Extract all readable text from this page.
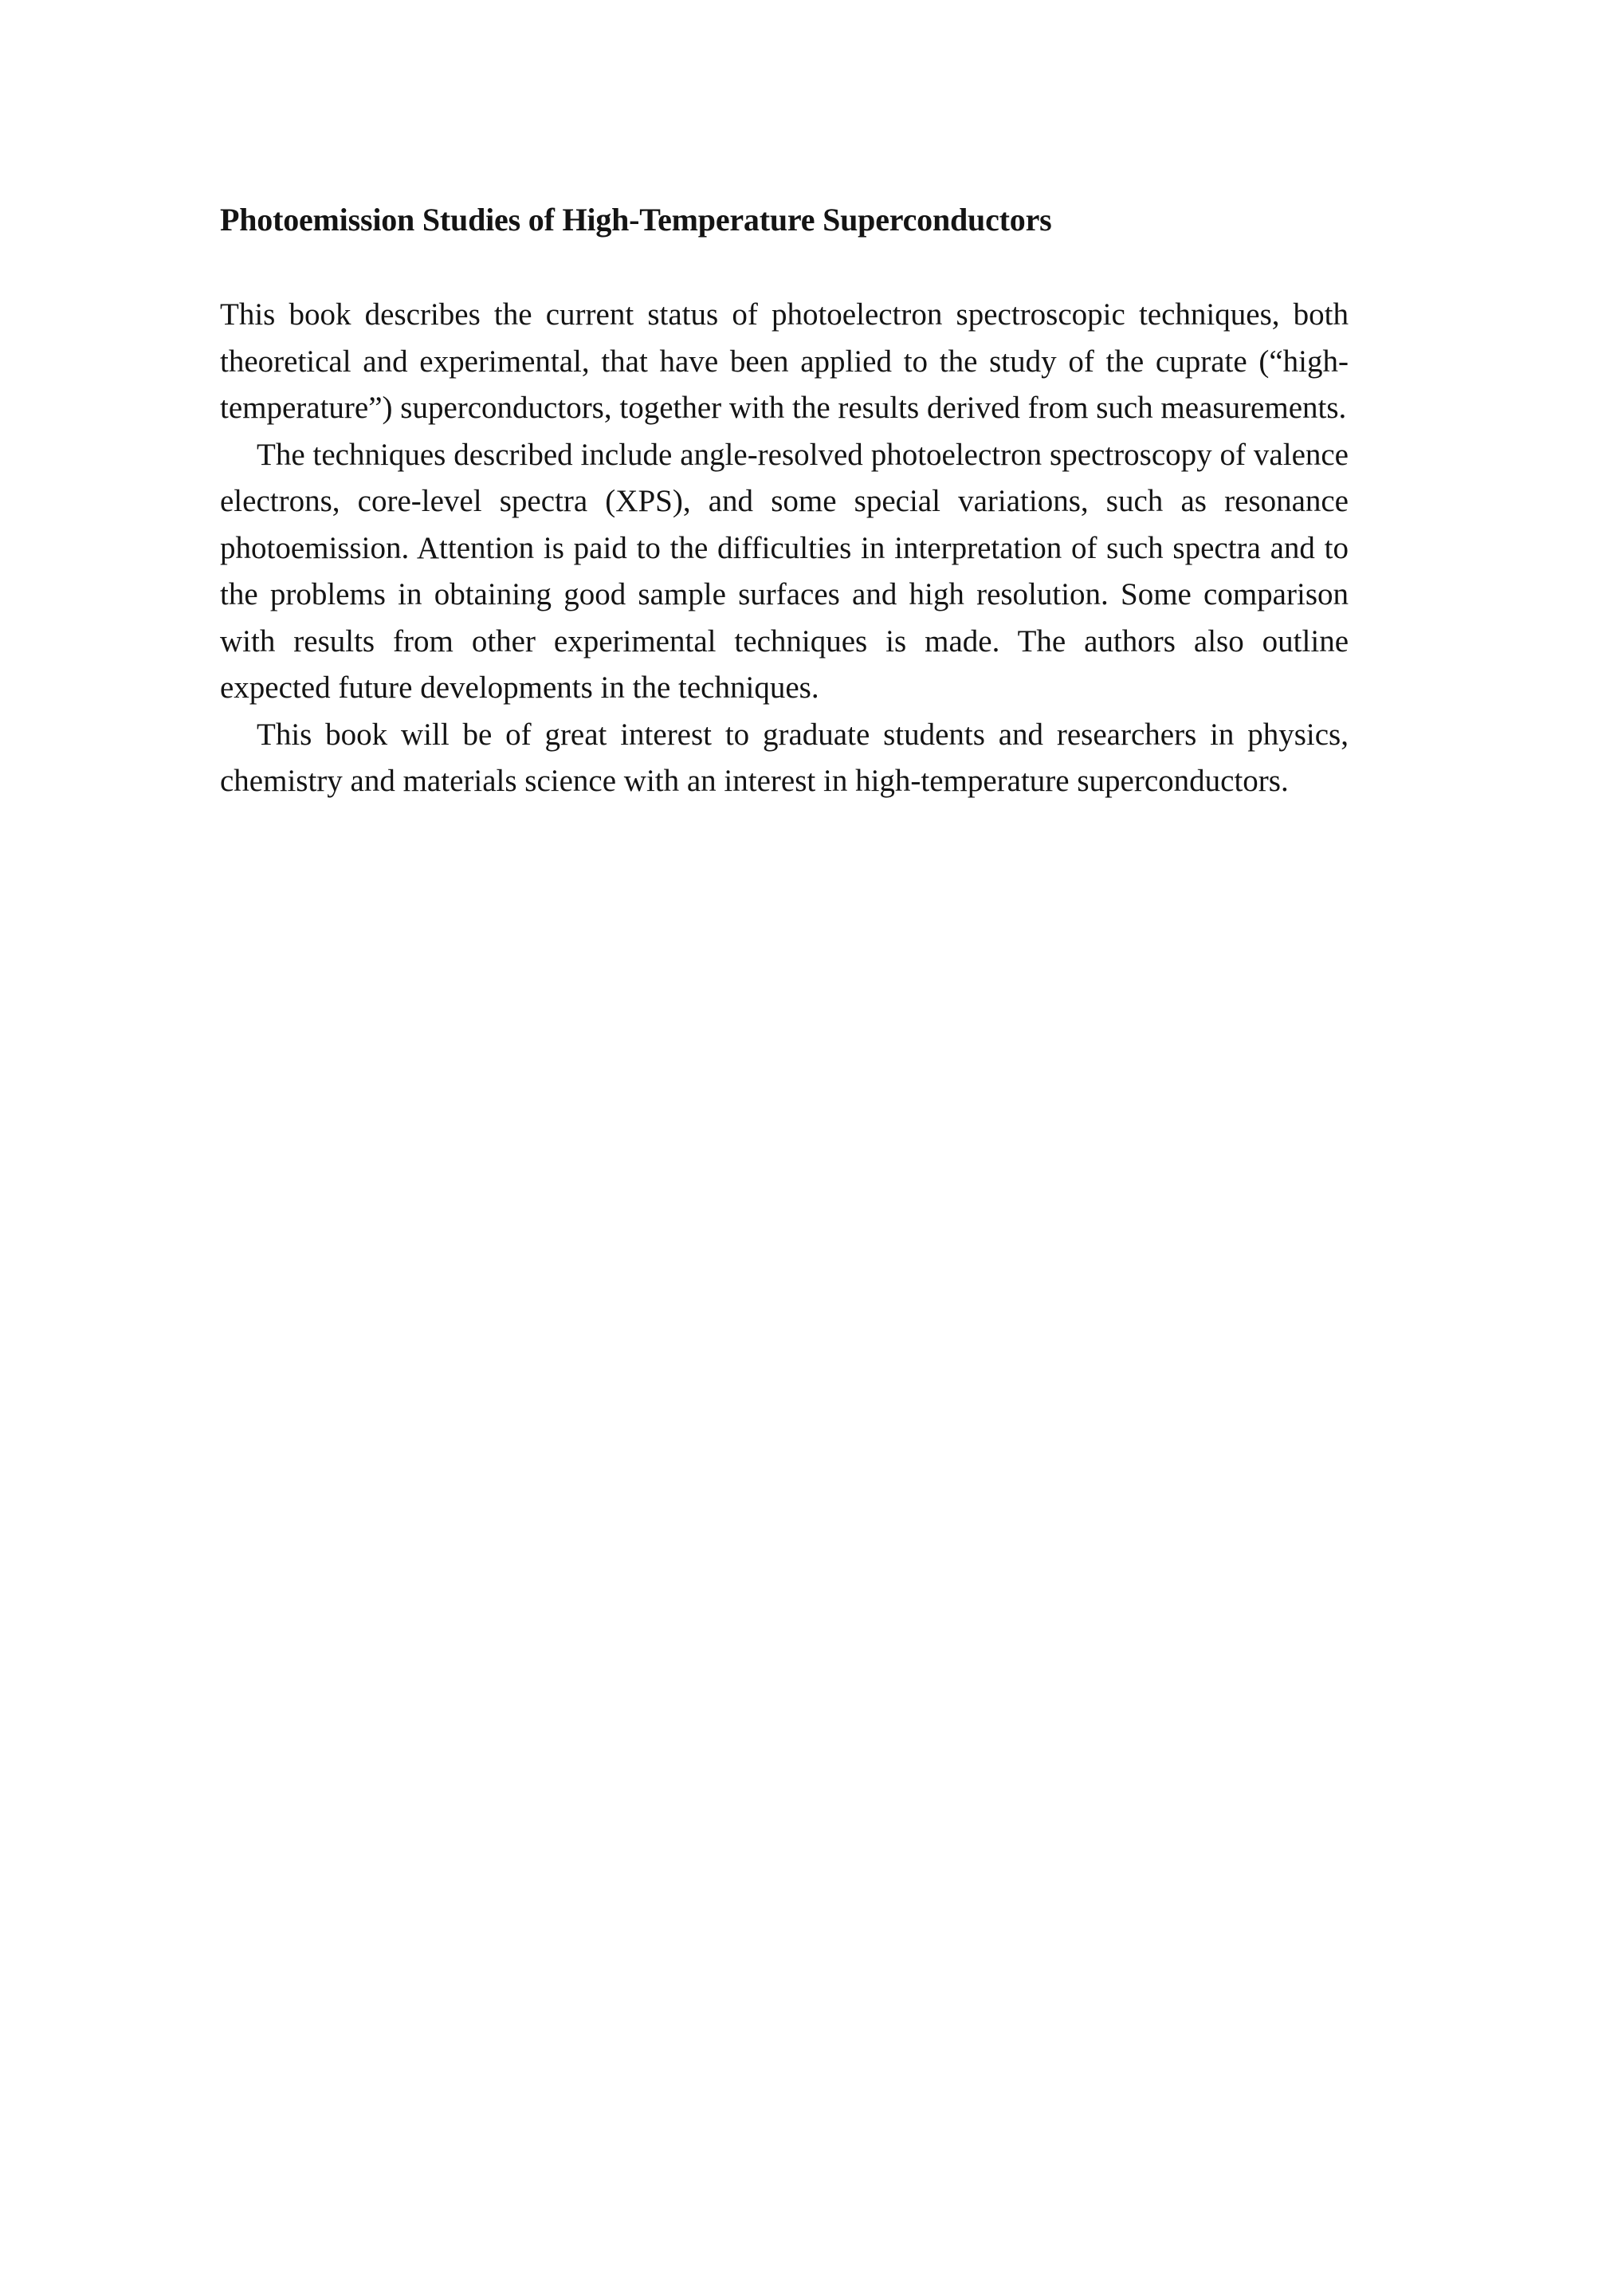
Photoemission Studies of High-Temperature Superconductors

This book describes the current status of photoelectron spectroscopic techniques, both theoretical and experimental, that have been applied to the study of the cuprate (“high-temperature”) superconductors, together with the results derived from such measurements.

The techniques described include angle-resolved photoelectron spectroscopy of valence electrons, core-level spectra (XPS), and some special variations, such as resonance photoemission. Attention is paid to the difficulties in interpretation of such spectra and to the problems in obtaining good sample surfaces and high resolution. Some comparison with results from other experimental techniques is made. The authors also outline expected future developments in the techniques.

This book will be of great interest to graduate students and researchers in physics, chemistry and materials science with an interest in high-temperature superconductors.
